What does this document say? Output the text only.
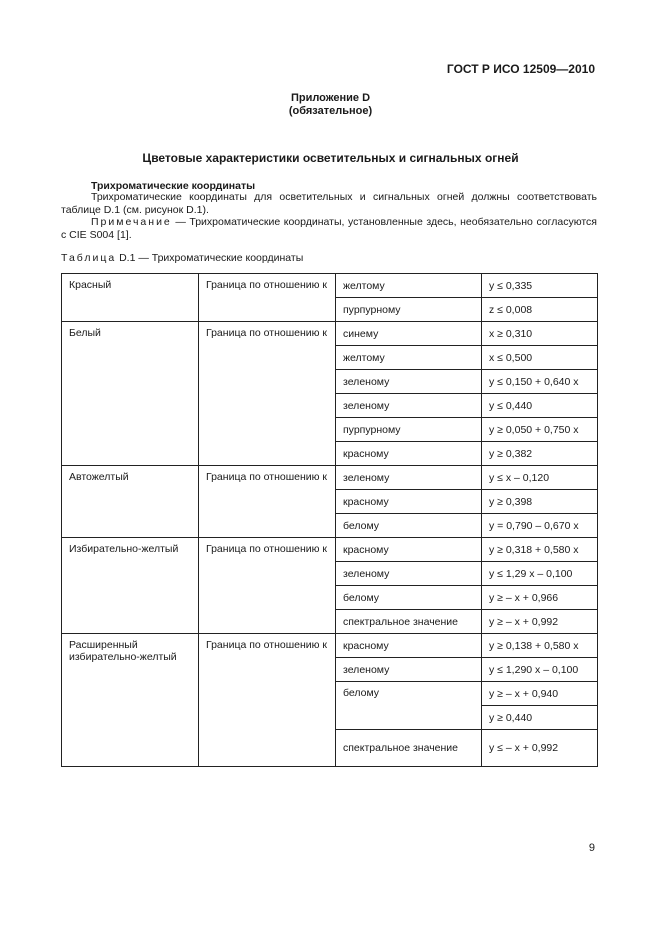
ГОСТ Р ИСО 12509—2010
Приложение D
(обязательное)
Цветовые характеристики осветительных и сигнальных огней
Трихроматические координаты
Трихроматические координаты для осветительных и сигнальных огней должны соответствовать таблице D.1 (см. рисунок D.1).
Примечание — Трихроматические координаты, установленные здесь, необязательно согласуются с CIE S004 [1].
Таблица D.1 — Трихроматические координаты
Красный	Граница по отношению к	желтому	y ≤ 0,335
		пурпурному	z ≤ 0,008
Белый	Граница по отношению к	синему	x ≥ 0,310
		желтому	x ≤ 0,500
		зеленому	y ≤ 0,150 + 0,640 x
		зеленому	y ≤ 0,440
		пурпурному	y ≥ 0,050 + 0,750 x
		красному	y ≥ 0,382
Автожелтый	Граница по отношению к	зеленому	y ≤ x – 0,120
		красному	y ≥ 0,398
		белому	y = 0,790 – 0,670 x
Избирательно-желтый	Граница по отношению к	красному	y ≥ 0,318 + 0,580 x
		зеленому	y ≤ 1,29 x – 0,100
		белому	y ≥ – x + 0,966
		спектральное значение	y ≥ – x + 0,992
Расширенный избирательно-желтый	Граница по отношению к	красному	y ≥ 0,138 + 0,580 x
		зеленому	y ≤ 1,290 x – 0,100
		белому	y ≥ – x + 0,940
			y ≥ 0,440
		спектральное значение	y ≤ – x + 0,992
9
